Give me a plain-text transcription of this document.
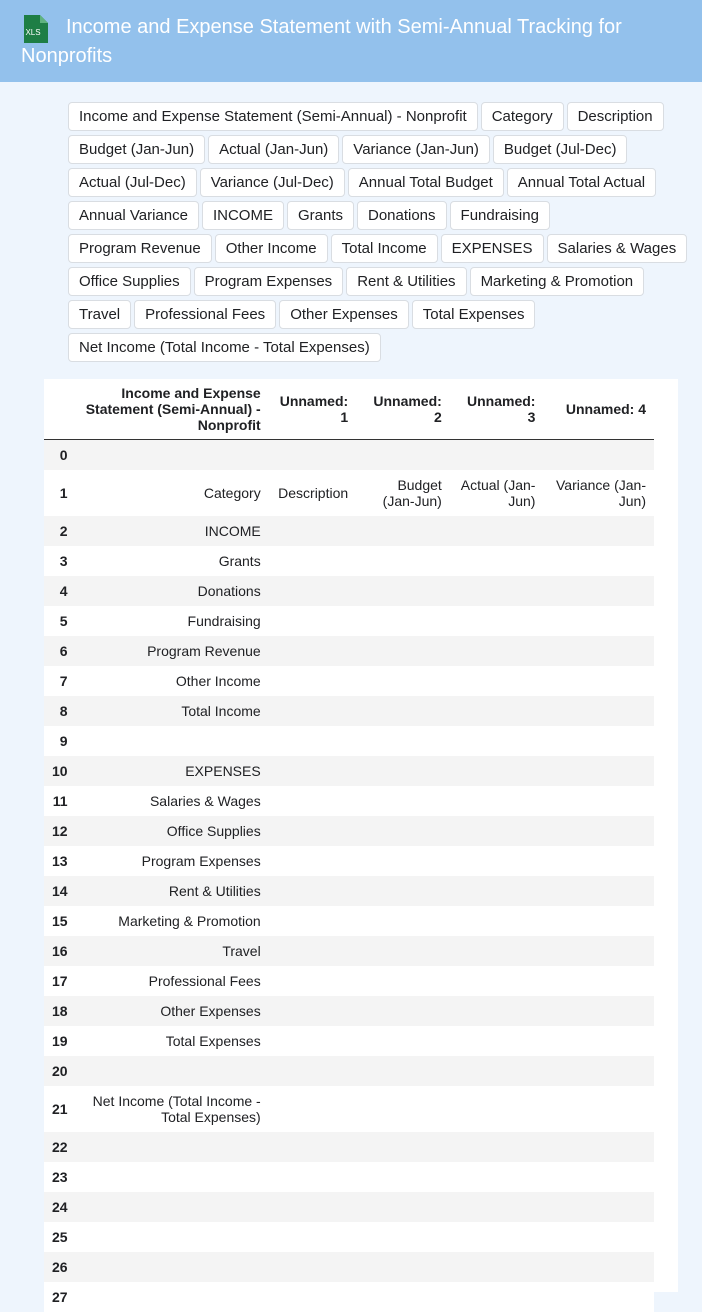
XLS	Income and Expense Statement with Semi-Annual Tracking for Nonprofits
Income and Expense Statement (Semi-Annual) - Nonprofit	Category	Description
Budget (Jan-Jun)	Actual (Jan-Jun)	Variance (Jan-Jun)	Budget (Jul-Dec)
Actual (Jul-Dec)	Variance (Jul-Dec)	Annual Total Budget	Annual Total Actual
Annual Variance	INCOME	Grants	Donations	Fundraising
Program Revenue	Other Income	Total Income	EXPENSES	Salaries & Wages
Office Supplies	Program Expenses	Rent & Utilities	Marketing & Promotion
Travel	Professional Fees	Other Expenses	Total Expenses
Net Income (Total Income - Total Expenses)
	Income and Expense Statement (Semi-Annual) - Nonprofit	Unnamed: 1	Unnamed: 2	Unnamed: 3	Unnamed: 4
0					
1	Category	Description	Budget (Jan-Jun)	Actual (Jan-Jun)	Variance (Jan-Jun)
2	INCOME				
3	Grants				
4	Donations				
5	Fundraising				
6	Program Revenue				
7	Other Income				
8	Total Income				
9					
10	EXPENSES				
11	Salaries & Wages				
12	Office Supplies				
13	Program Expenses				
14	Rent & Utilities				
15	Marketing & Promotion				
16	Travel				
17	Professional Fees				
18	Other Expenses				
19	Total Expenses				
20					
21	Net Income (Total Income - Total Expenses)				
22					
23					
24					
25					
26					
27					
